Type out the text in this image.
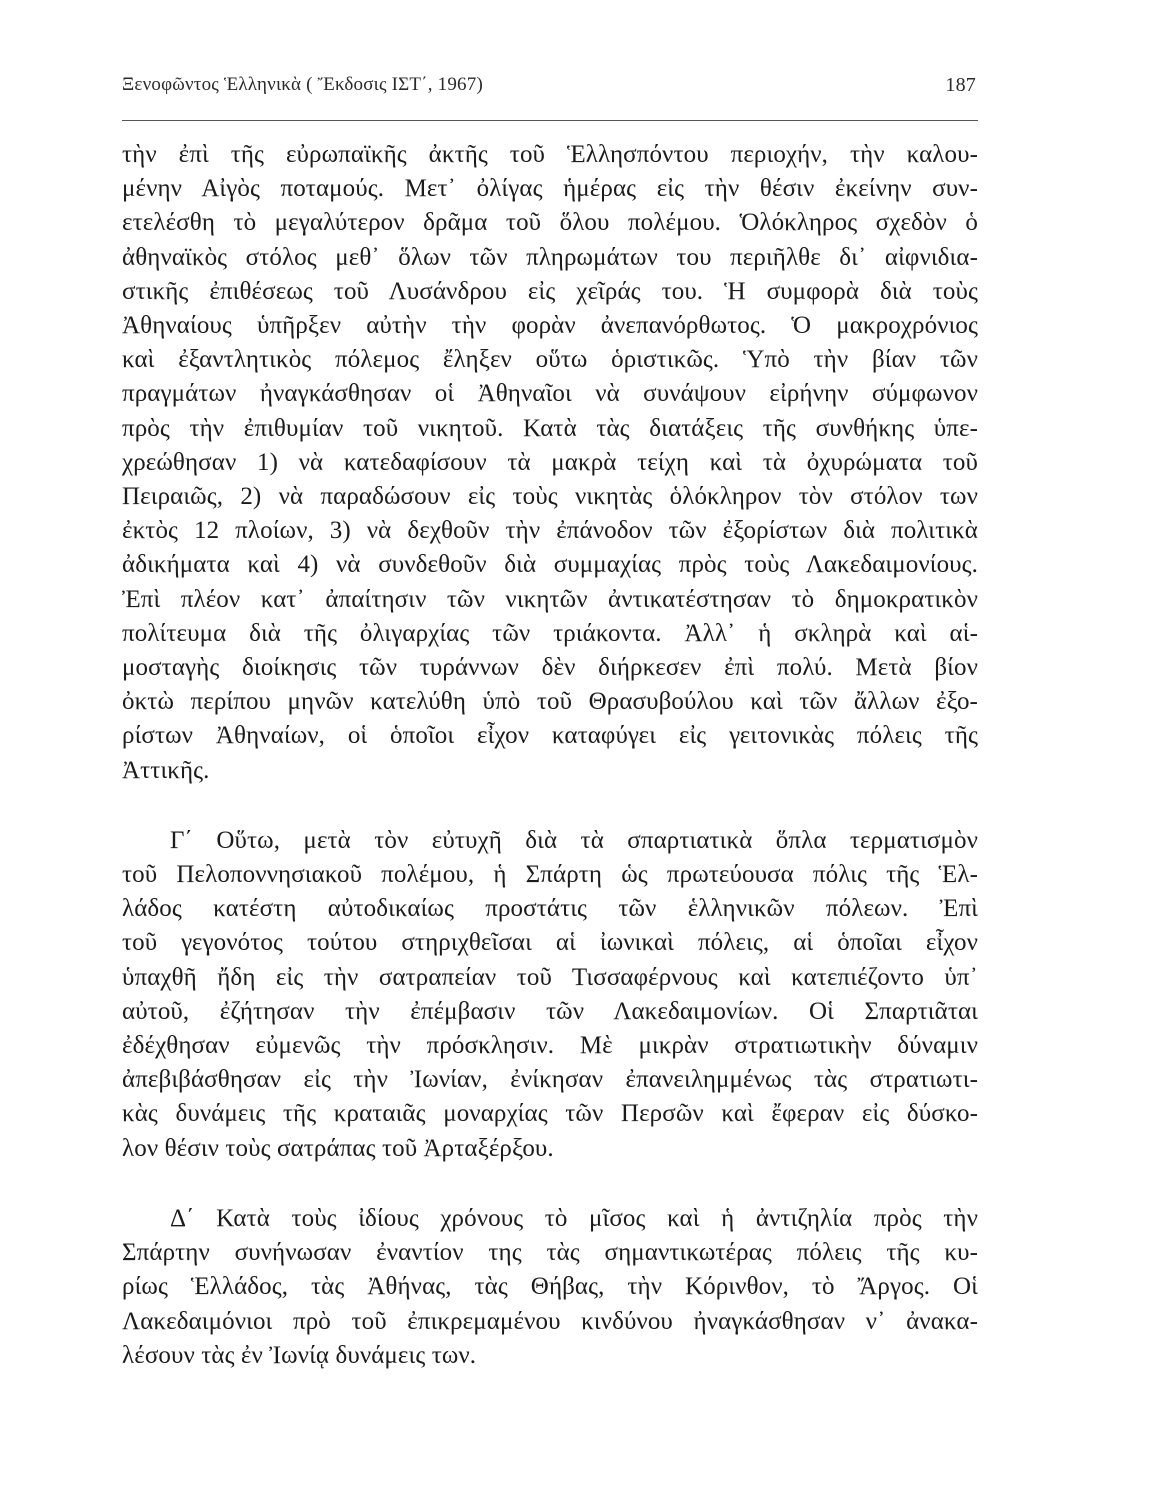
Ξενοφῶντος Ἑλληνικὰ ( Ἔκδοσις ΙΣΤ΄, 1967)	187
τὴν ἐπὶ τῆς εὐρωπαϊκῆς ἀκτῆς τοῦ Ἑλλησπόντου περιοχήν, τὴν καλου-
μένην Αἰγὸς ποταμούς. Μετ᾽ ὀλίγας ἡμέρας εἰς τὴν θέσιν ἐκείνην συν-
ετελέσθη τὸ μεγαλύτερον δρᾶμα τοῦ ὅλου πολέμου. Ὁλόκληρος σχεδὸν ὁ
ἀθηναϊκὸς στόλος μεθ᾽ ὅλων τῶν πληρωμάτων του περιῆλθε δι᾽ αἰφνιδια-
στικῆς ἐπιθέσεως τοῦ Λυσάνδρου εἰς χεῖράς του. Ἡ συμφορὰ διὰ τοὺς
Ἀθηναίους ὑπῆρξεν αὐτὴν τὴν φορὰν ἀνεπανόρθωτος. Ὁ μακροχρόνιος
καὶ ἐξαντλητικὸς πόλεμος ἔληξεν οὕτω ὁριστικῶς. Ὑπὸ τὴν βίαν τῶν
πραγμάτων ἠναγκάσθησαν οἱ Ἀθηναῖοι νὰ συνάψουν εἰρήνην σύμφωνον
πρὸς τὴν ἐπιθυμίαν τοῦ νικητοῦ. Κατὰ τὰς διατάξεις τῆς συνθήκης ὑπε-
χρεώθησαν 1) νὰ κατεδαφίσουν τὰ μακρὰ τείχη καὶ τὰ ὀχυρώματα τοῦ
Πειραιῶς, 2) νὰ παραδώσουν εἰς τοὺς νικητὰς ὁλόκληρον τὸν στόλον των
ἐκτὸς 12 πλοίων, 3) νὰ δεχθοῦν τὴν ἐπάνοδον τῶν ἐξορίστων διὰ πολιτικὰ
ἀδικήματα καὶ 4) νὰ συνδεθοῦν διὰ συμμαχίας πρὸς τοὺς Λακεδαιμονίους.
Ἐπὶ πλέον κατ᾽ ἀπαίτησιν τῶν νικητῶν ἀντικατέστησαν τὸ δημοκρατικὸν
πολίτευμα διὰ τῆς ὀλιγαρχίας τῶν τριάκοντα. Ἀλλ᾽ ἡ σκληρὰ καὶ αἱ-
μοσταγὴς διοίκησις τῶν τυράννων δὲν διήρκεσεν ἐπὶ πολύ. Μετὰ βίον
ὀκτὼ περίπου μηνῶν κατελύθη ὑπὸ τοῦ Θρασυβούλου καὶ τῶν ἄλλων ἐξο-
ρίστων Ἀθηναίων, οἱ ὁποῖοι εἶχον καταφύγει εἰς γειτονικὰς πόλεις τῆς
Ἀττικῆς.
Γ΄ Οὕτω, μετὰ τὸν εὐτυχῆ διὰ τὰ σπαρτιατικὰ ὅπλα τερματισμὸν
τοῦ Πελοποννησιακοῦ πολέμου, ἡ Σπάρτη ὡς πρωτεύουσα πόλις τῆς Ἑλ-
λάδος κατέστη αὐτοδικαίως προστάτις τῶν ἑλληνικῶν πόλεων. Ἐπὶ
τοῦ γεγονότος τούτου στηριχθεῖσαι αἱ ἰωνικαὶ πόλεις, αἱ ὁποῖαι εἶχον
ὑπαχθῆ ἤδη εἰς τὴν σατραπείαν τοῦ Τισσαφέρνους καὶ κατεπιέζοντο ὑπ᾽
αὐτοῦ, ἐζήτησαν τὴν ἐπέμβασιν τῶν Λακεδαιμονίων. Οἱ Σπαρτιᾶται
ἐδέχθησαν εὐμενῶς τὴν πρόσκλησιν. Μὲ μικρὰν στρατιωτικὴν δύναμιν
ἀπεβιβάσθησαν εἰς τὴν Ἰωνίαν, ἐνίκησαν ἐπανειλημμένως τὰς στρατιωτι-
κὰς δυνάμεις τῆς κραταιᾶς μοναρχίας τῶν Περσῶν καὶ ἔφεραν εἰς δύσκο-
λον θέσιν τοὺς σατράπας τοῦ Ἀρταξέρξου.
Δ΄ Κατὰ τοὺς ἰδίους χρόνους τὸ μῖσος καὶ ἡ ἀντιζηλία πρὸς τὴν
Σπάρτην συνήνωσαν ἐναντίον της τὰς σημαντικωτέρας πόλεις τῆς κυ-
ρίως Ἑλλάδος, τὰς Ἀθήνας, τὰς Θήβας, τὴν Κόρινθον, τὸ Ἄργος. Οἱ
Λακεδαιμόνιοι πρὸ τοῦ ἐπικρεμαμένου κινδύνου ἠναγκάσθησαν ν᾽ ἀνακα-
λέσουν τὰς ἐν Ἰωνίᾳ δυνάμεις των.
